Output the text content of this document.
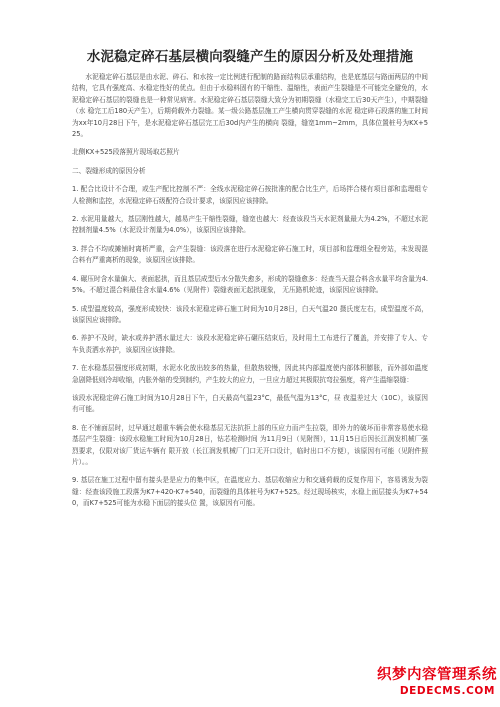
水泥稳定碎石基层横向裂缝产生的原因分析及处理措施

水泥稳定碎石基层是由水泥、碎石、和水按一定比例进行配制的路面结构层承重结构，也是底基层与路面两层的中间结构，它具有强度高、水稳定性好的优点。但由于水稳料固有的干缩性、温缩性，表面产生裂缝是不可能完全避免的，水泥稳定碎石基层的裂缝也是一种常见病害。水泥稳定碎石基层裂缝大致分为初期裂缝（水稳完工后30天产生），中期裂缝（水 稳完工后180天产生），后期荷载外力裂缝。某一级公路基层施工产生横向贯穿裂缝的水泥 稳定碎石段落的施工时间为xx年10月28日下午，是水泥稳定碎石基层完工后30d内产生的横向 裂缝，缝宽1mm~2mm，具体位置桩号为KX+525。

北侧KX+525段落照片现场取芯照片

二、裂缝形成的原因分析

1. 配合比设计不合理，或生产配比控制不严：全线水泥稳定碎石按批准的配合比生产，后场拌合楼有项目部和监理组专人检测和监控，水泥稳定碎石级配符合设计要求，该原因应该排除。

2. 水泥用量越大，基层刚性越大，越易产生干缩性裂缝，缝宽也越大：经查该段当天水泥剂量最大为4.2%，不超过水泥控制剂量4.5%（水泥设计剂量为4.0%），该原因应该排除。

3. 拌合不均或摊铺时离析严重，会产生裂缝：该段落在进行水泥稳定碎石施工时，项目部和监理组全程旁站，未发现混合料有严重离析的现象，该原因应该排除。

4. 碾压时含水量偏大、表面起拱，而且基层成型后水分散失愈多，形成的裂缝愈多：经查当天混合料含水量平均含量为4.5%。不超过混合料最佳含水量4.6%（见附件）裂缝表面无起拱现象， 无压路机轮迹，该原因应该排除。

5. 成型温度较高，强度形成较快：该段水泥稳定碎石施工时间为10月28日，白天气温20 摄氏度左右，成型温度不高，该原因应该排除。

6. 养护不及时，缺水或养护洒水量过大：该段水泥稳定碎石碾压结束后，及时用土工布进行了覆盖，并安排了专人、专车负责洒水养护，该原因应该排除。

7. 在水稳基层强度形成初期，水泥水化放出较多的热量，但散热较慢，因此其内部温度使内部体积膨胀，而外部如温度急剧降低则冷却收缩，内胀外缩的受到制约，产生较大的应力，一旦应力超过其极限抗弯拉强度，将产生温缩裂缝：

该段水泥稳定碎石施工时间为10月28日下午，白天最高气温23°C，最低气温为13°C，昼 夜温差过大（10C），该原因有可能。

8. 在不铺面层时，过早通过超重车辆会使水稳基层无法抗拒上部的压应力而产生拉裂，即外力的破坏而非常容易使水稳基层产生裂缝：该段水稳施工时间为10月28日，钻芯检测时间 为11月9日（见附图），11月15日后因长江润发机械厂强烈要求，仅限对该厂货运车辆有 限开放（长江润发机械厂门口无开口设计，临时出口不方便），该原因有可能（见附件照 片）。。

9. 基层在施工过程中留有接头是是应力的集中区，在温度应力、基层收缩应力和交通荷载的反复作用下，容易诱发为裂缝：经查该段施工段落为K7+420-K7+540，而裂缝的具体桩号为K7+525。经过现场核实，水稳上面层接头为K7+540，而K7+525可能为水稳下面层的接头位 置，该原因有可能。

织梦内容管理系统
DEDECMS.COM
